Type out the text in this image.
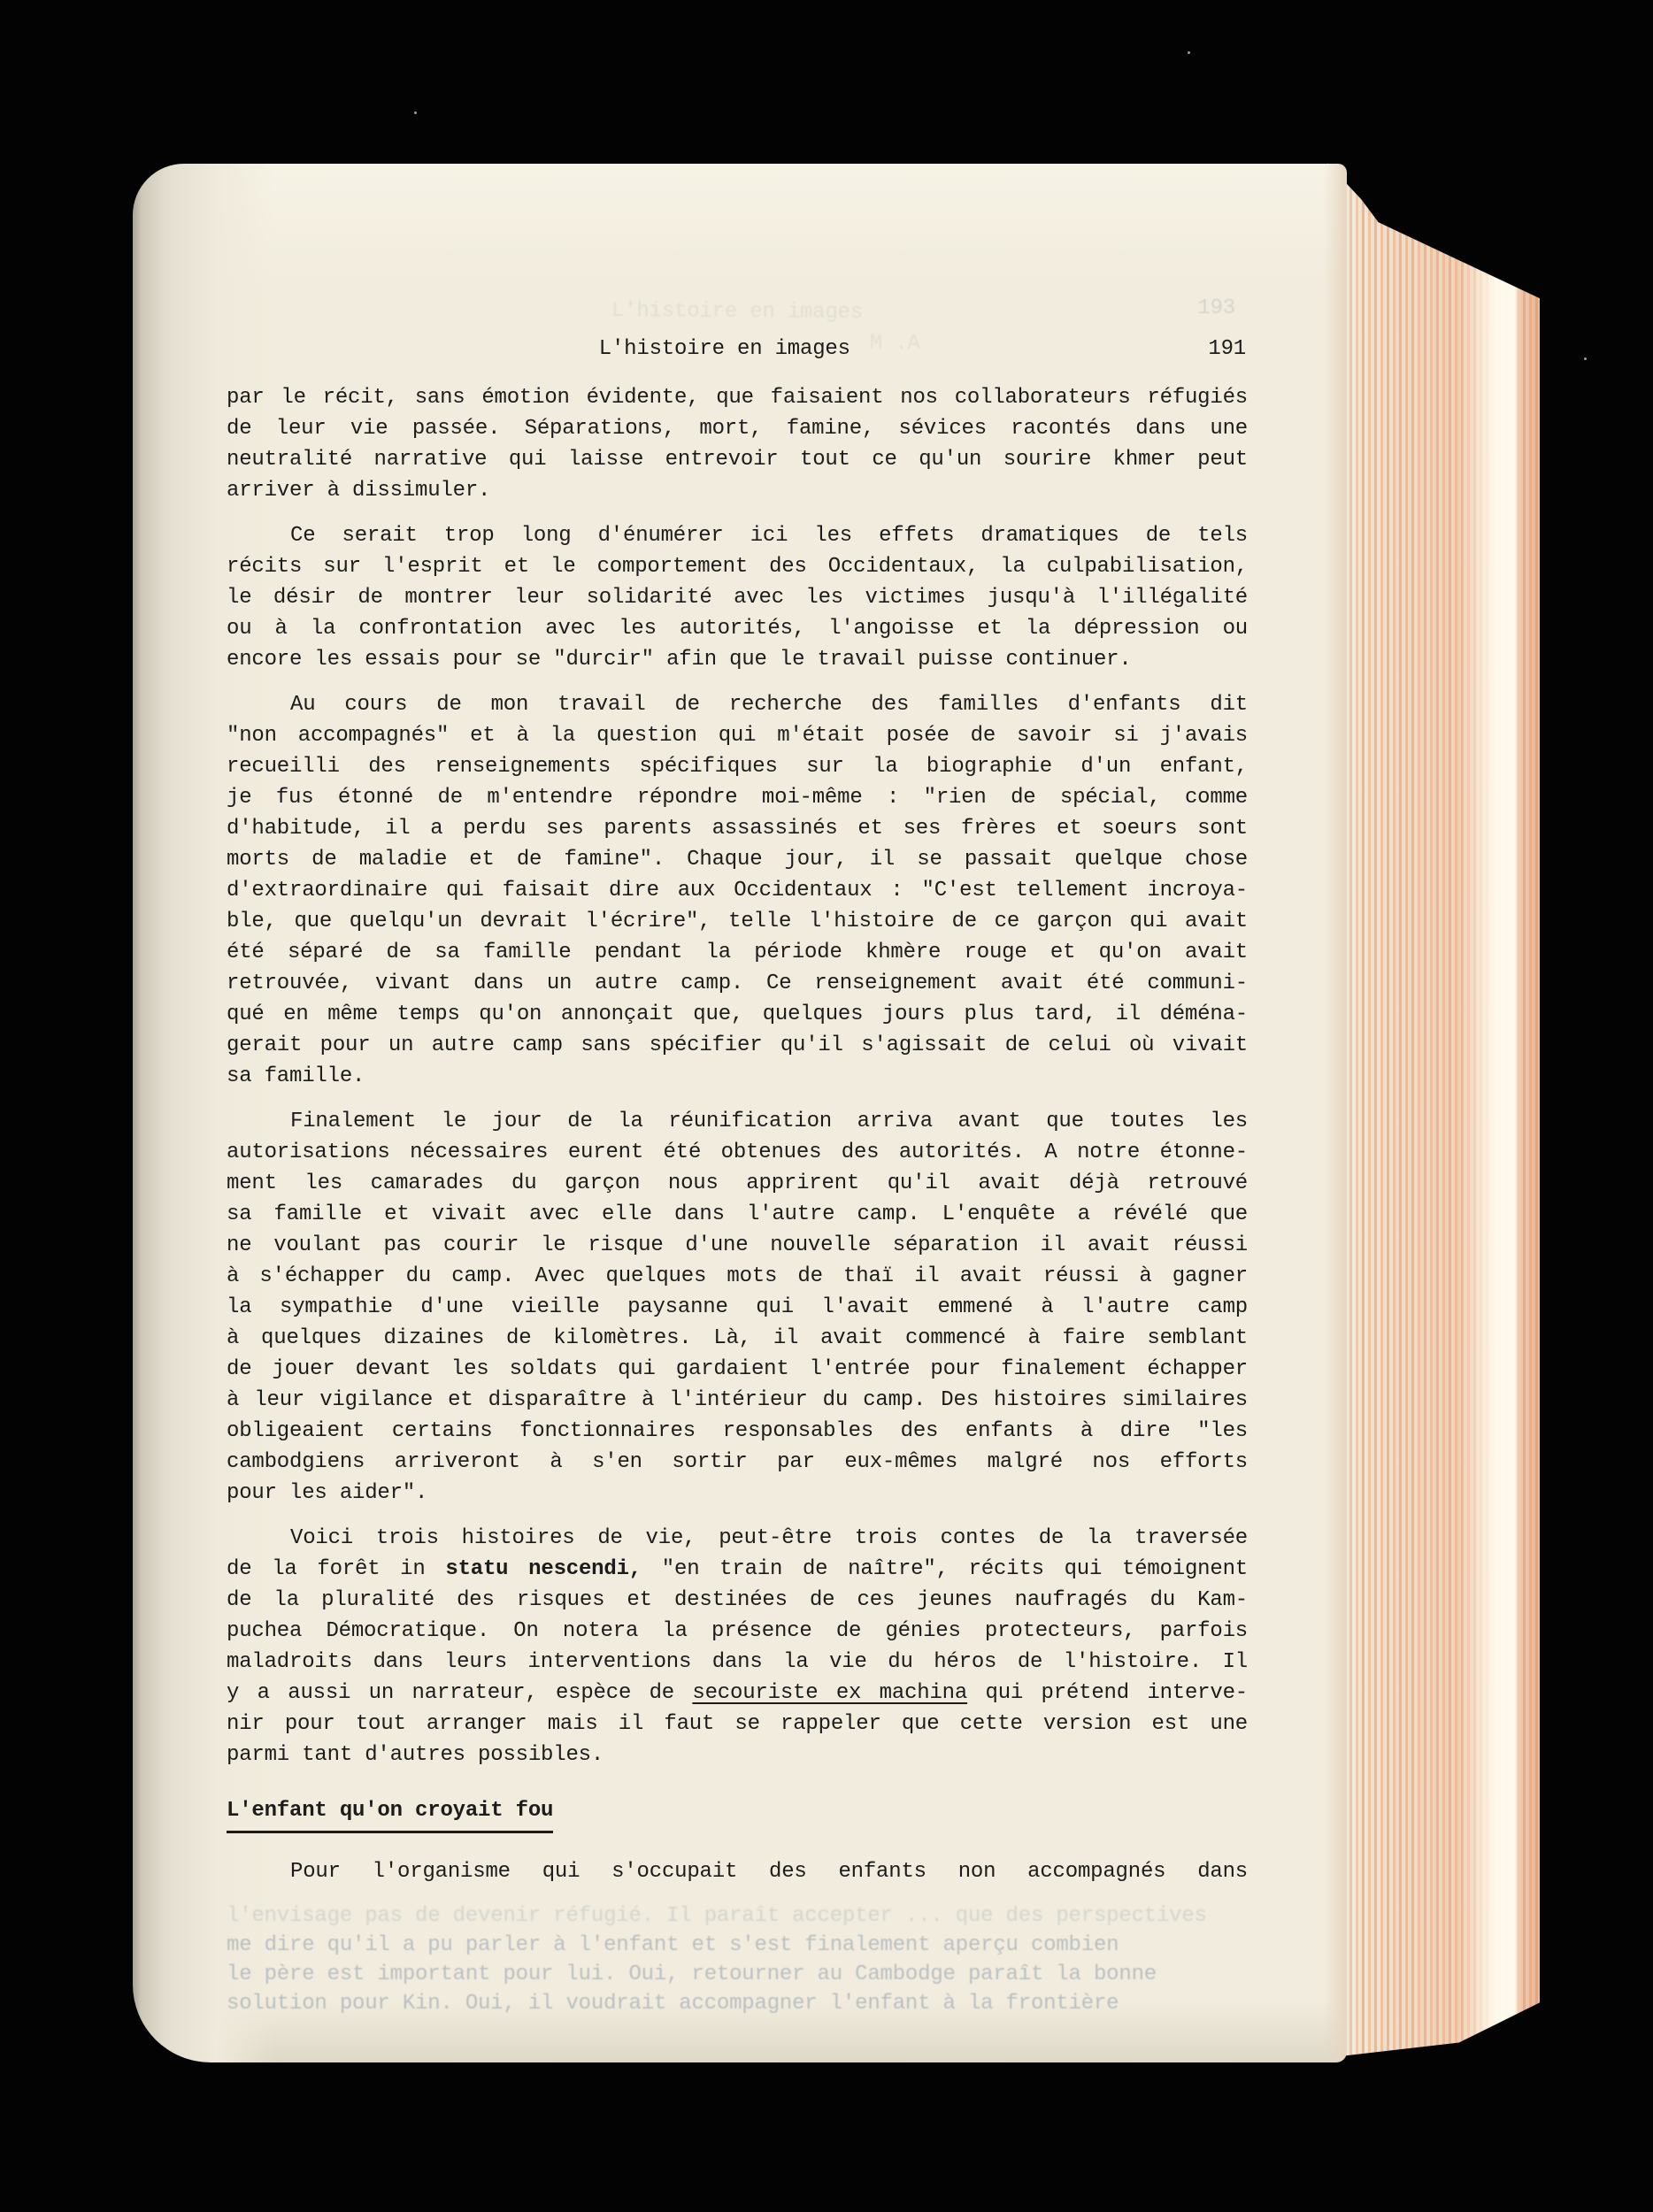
L'histoire en images
A. M
193
L'histoire en images	191
par le récit, sans émotion évidente, que faisaient nos collaborateurs réfugiés
de leur vie passée. Séparations, mort, famine, sévices racontés dans une
neutralité narrative qui laisse entrevoir tout ce qu'un sourire khmer peut
arriver à dissimuler.
Ce serait trop long d'énumérer ici les effets dramatiques de tels
récits sur l'esprit et le comportement des Occidentaux, la culpabilisation,
le désir de montrer leur solidarité avec les victimes jusqu'à l'illégalité
ou à la confrontation avec les autorités, l'angoisse et la dépression ou
encore les essais pour se "durcir" afin que le travail puisse continuer.
Au cours de mon travail de recherche des familles d'enfants dit
"non accompagnés" et à la question qui m'était posée de savoir si j'avais
recueilli des renseignements spécifiques sur la biographie d'un enfant,
je fus étonné de m'entendre répondre moi-même : "rien de spécial, comme
d'habitude, il a perdu ses parents assassinés et ses frères et soeurs sont
morts de maladie et de famine". Chaque jour, il se passait quelque chose
d'extraordinaire qui faisait dire aux Occidentaux : "C'est tellement incroya-
ble, que quelqu'un devrait l'écrire", telle l'histoire de ce garçon qui avait
été séparé de sa famille pendant la période khmère rouge et qu'on avait
retrouvée, vivant dans un autre camp. Ce renseignement avait été communi-
qué en même temps qu'on annonçait que, quelques jours plus tard, il déména-
gerait pour un autre camp sans spécifier qu'il s'agissait de celui où vivait
sa famille.
Finalement le jour de la réunification arriva avant que toutes les
autorisations nécessaires eurent été obtenues des autorités. A notre étonne-
ment les camarades du garçon nous apprirent qu'il avait déjà retrouvé
sa famille et vivait avec elle dans l'autre camp. L'enquête a révélé que
ne voulant pas courir le risque d'une nouvelle séparation il avait réussi
à s'échapper du camp. Avec quelques mots de thaï il avait réussi à gagner
la sympathie d'une vieille paysanne qui l'avait emmené à l'autre camp
à quelques dizaines de kilomètres. Là, il avait commencé à faire semblant
de jouer devant les soldats qui gardaient l'entrée pour finalement échapper
à leur vigilance et disparaître à l'intérieur du camp. Des histoires similaires
obligeaient certains fonctionnaires responsables des enfants à dire "les
cambodgiens arriveront à s'en sortir par eux-mêmes malgré nos efforts
pour les aider".
Voici trois histoires de vie, peut-être trois contes de la traversée
de la forêt in statu nescendi, "en train de naître", récits qui témoignent
de la pluralité des risques et destinées de ces jeunes naufragés du Kam-
puchea Démocratique. On notera la présence de génies protecteurs, parfois
maladroits dans leurs interventions dans la vie du héros de l'histoire. Il
y a aussi un narrateur, espèce de secouriste ex machina qui prétend interve-
nir pour tout arranger mais il faut se rappeler que cette version est une
parmi tant d'autres possibles.
L'enfant qu'on croyait fou
Pour l'organisme qui s'occupait des enfants non accompagnés dans
l'envisage pas de devenir réfugié. Il paraît accepter ... que des perspectives
me dire qu'il a pu parler à l'enfant et s'est finalement aperçu combien
le père est important pour lui. Oui, retourner au Cambodge paraît la bonne
solution pour Kin. Oui, il voudrait accompagner l'enfant à la frontière
